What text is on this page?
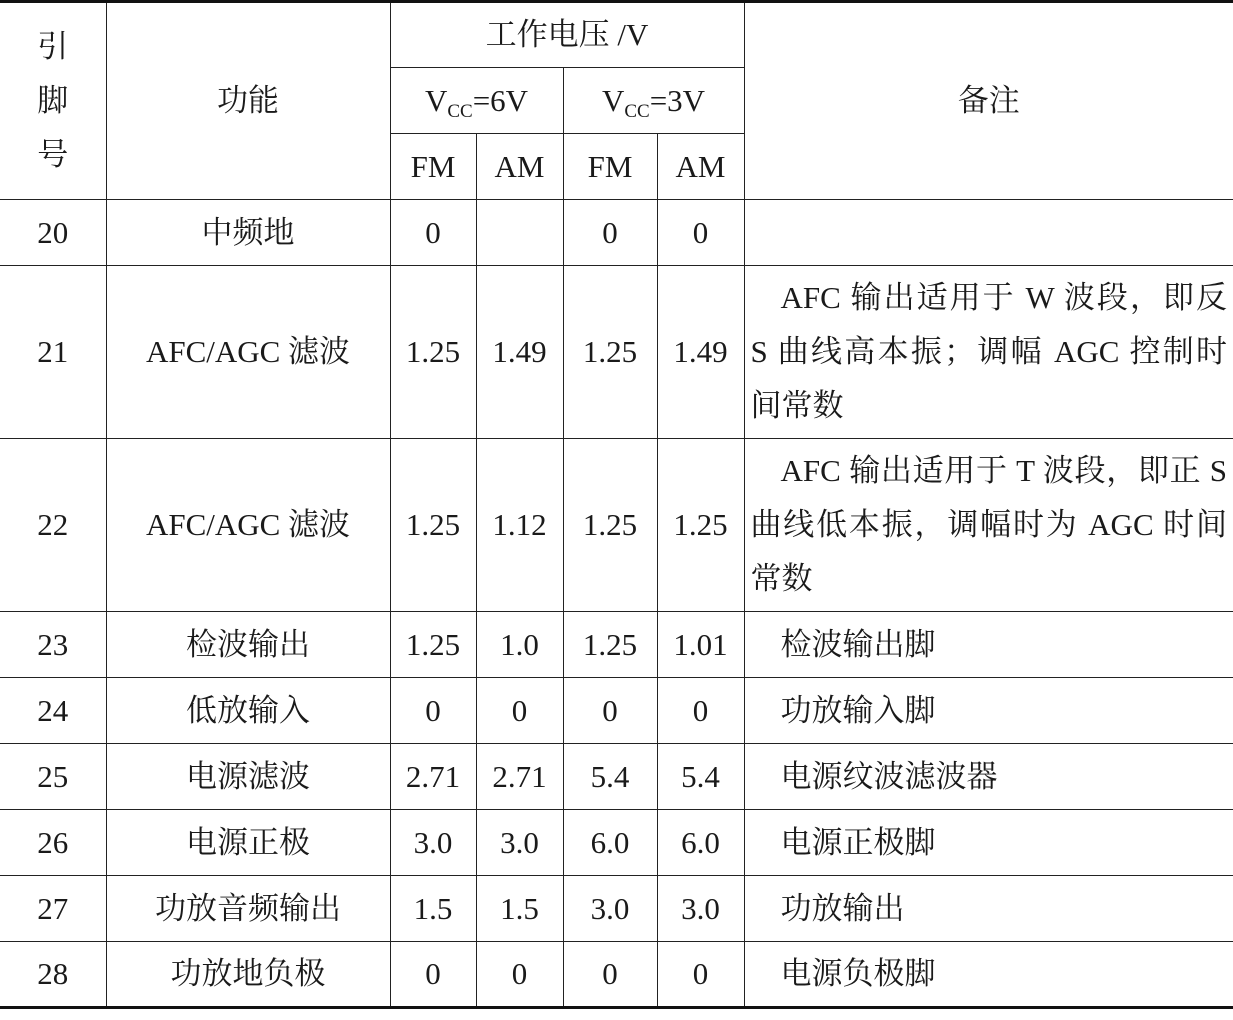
引
脚
号	功能	工作电压 /V				备注
		$V_{CC}=6V$		$V_{CC}=3V$		
		FM	AM	FM	AM	
20	中频地	0		0	0	
21	AFC/AGC 滤波	1.25	1.49	1.25	1.49	AFC 输出适用于 W 波段，即反 S 曲线高本振；调幅 AGC 控制时间常数
22	AFC/AGC 滤波	1.25	1.12	1.25	1.25	AFC 输出适用于 T 波段，即正 S 曲线低本振，调幅时为 AGC 时间常数
23	检波输出	1.25	1.0	1.25	1.01	检波输出脚
24	低放输入	0	0	0	0	功放输入脚
25	电源滤波	2.71	2.71	5.4	5.4	电源纹波滤波器
26	电源正极	3.0	3.0	6.0	6.0	电源正极脚
27	功放音频输出	1.5	1.5	3.0	3.0	功放输出
28	功放地负极	0	0	0	0	电源负极脚
